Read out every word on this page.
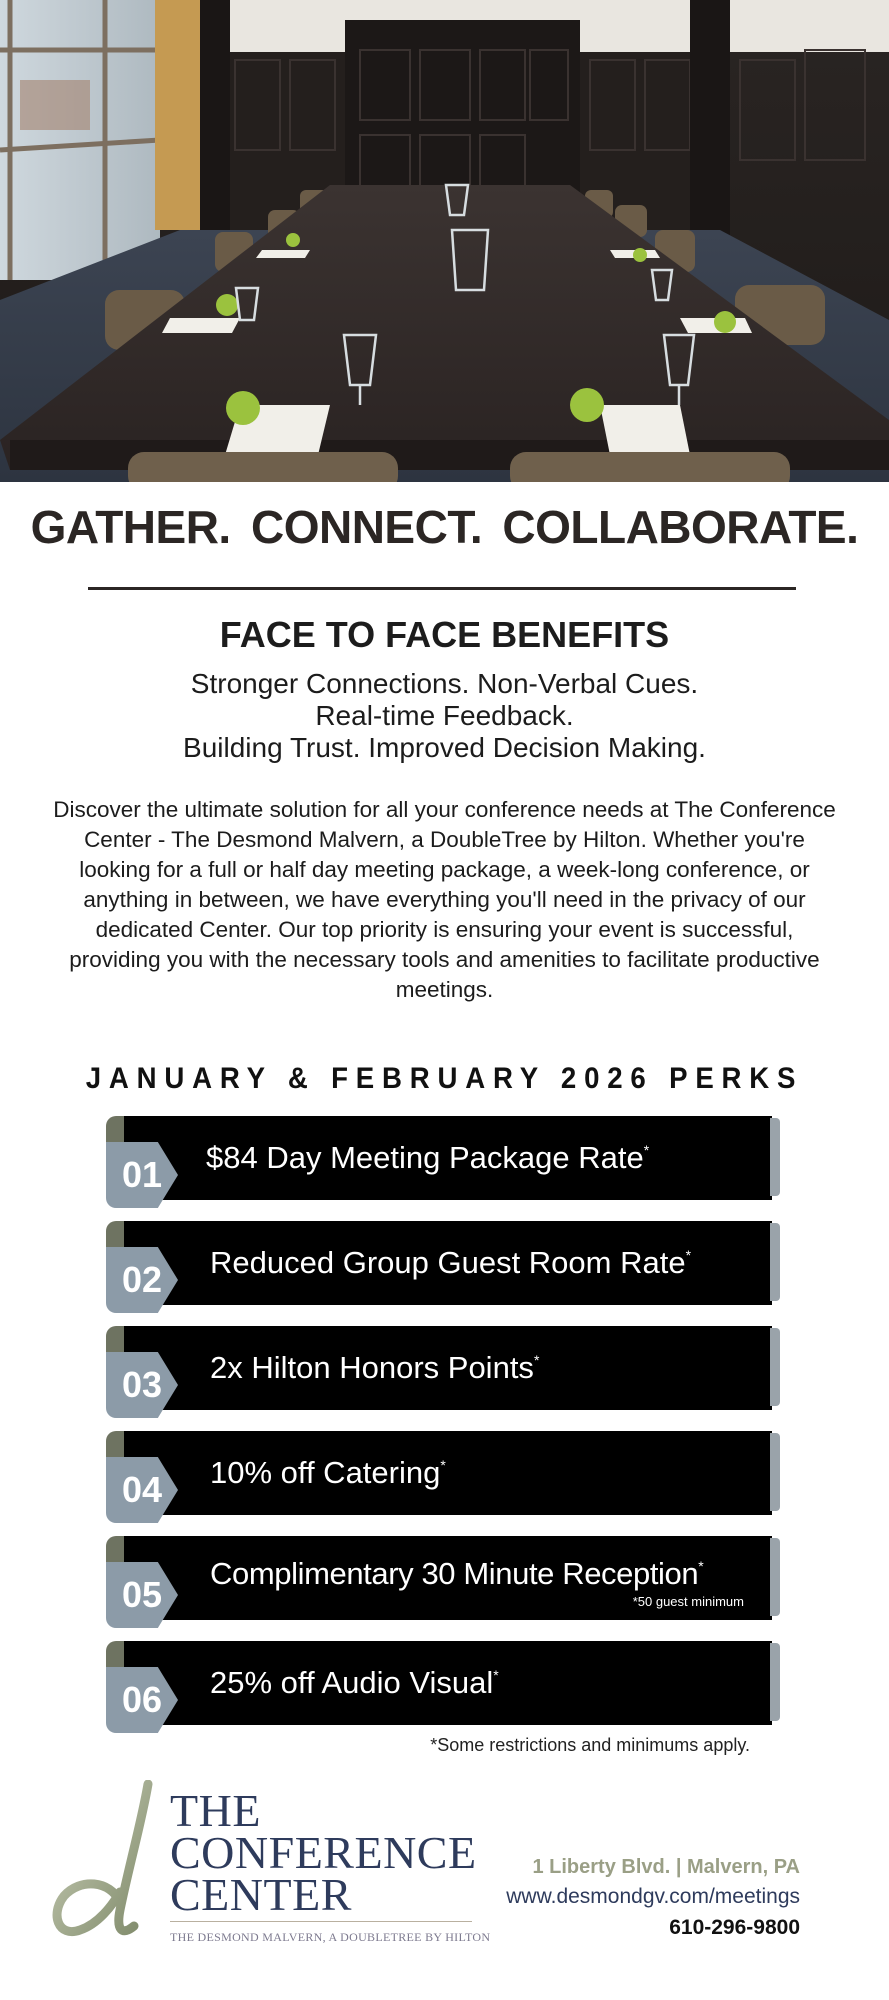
GATHER. CONNECT. COLLABORATE.
FACE TO FACE BENEFITS
Stronger Connections. Non-Verbal Cues.
Real-time Feedback.
Building Trust. Improved Decision Making.
Discover the ultimate solution for all your conference needs at The Conference Center - The Desmond Malvern, a DoubleTree by Hilton. Whether you're looking for a full or half day meeting package, a week-long conference, or anything in between, we have everything you'll need in the privacy of our dedicated Center. Our top priority is ensuring your event is successful, providing you with the necessary tools and amenities to facilitate productive meetings.
JANUARY & FEBRUARY 2026 PERKS
01 $84 Day Meeting Package Rate*
02 Reduced Group Guest Room Rate*
03 2x Hilton Honors Points*
04 10% off Catering*
05
Complimentary 30 Minute Reception*
*50 guest minimum
06 25% off Audio Visual*
*Some restrictions and minimums apply.
THE
CONFERENCE
CENTER
THE DESMOND MALVERN, A DOUBLETREE BY HILTON
1 Liberty Blvd. | Malvern, PA
www.desmondgv.com/meetings
610-296-9800
